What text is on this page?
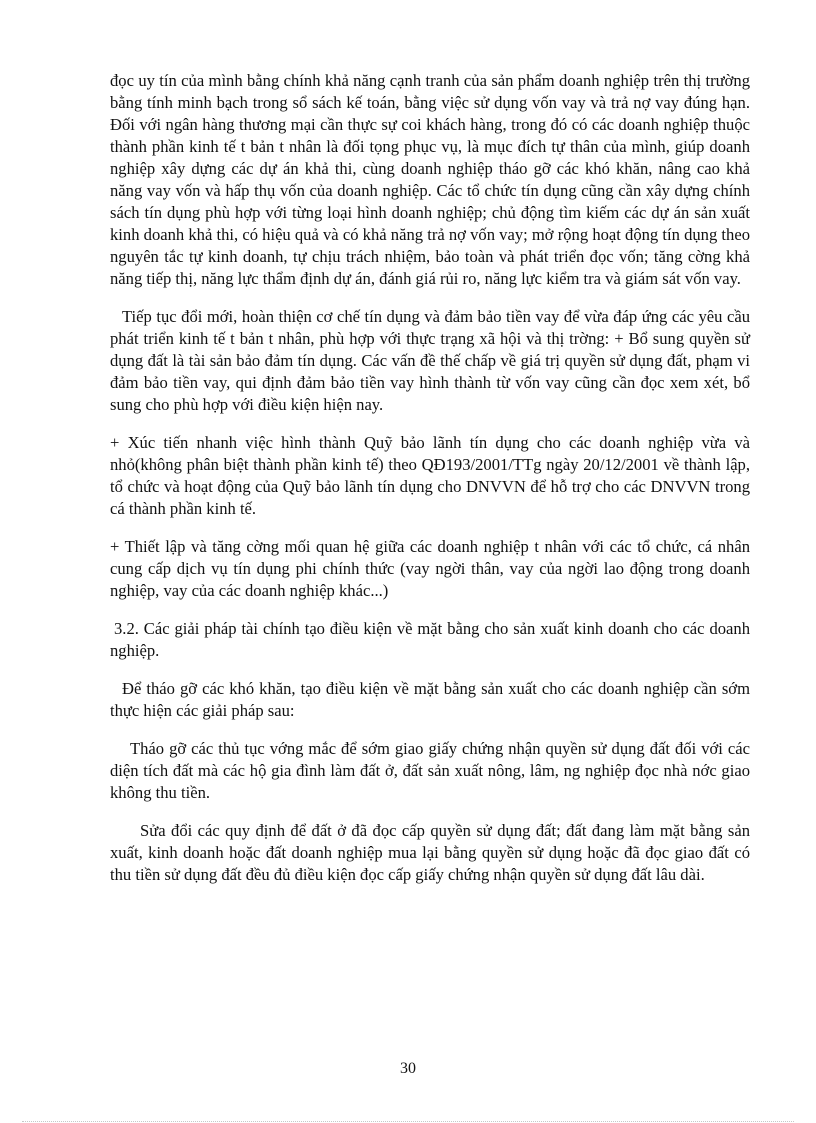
đọc uy tín của mình bằng chính khả năng cạnh tranh của sản phẩm doanh nghiệp trên thị trường bằng tính minh bạch trong sổ sách kế toán, bằng việc sử dụng vốn vay và trả nợ vay đúng hạn. Đối với ngân hàng thương mại cần thực sự coi khách hàng, trong đó có các doanh nghiệp thuộc thành phần kinh tế t bản t nhân là đối tọng phục vụ, là mục đích tự thân của mình, giúp doanh nghiệp xây dựng các dự án khả thi, cùng doanh nghiệp tháo gỡ các khó khăn, nâng cao khả năng vay vốn và hấp thụ vốn của doanh nghiệp. Các tổ chức tín dụng cũng cần xây dựng chính sách tín dụng phù hợp với từng loại hình doanh nghiệp; chủ động tìm kiếm các dự án sản xuất kinh doanh khả thi, có hiệu quả và có khả năng trả nợ vốn vay; mở rộng hoạt động tín dụng theo nguyên tắc tự kinh doanh, tự chịu trách nhiệm, bảo toàn và phát triển đọc vốn; tăng cờng khả năng tiếp thị, năng lực thẩm định dự án, đánh giá rủi ro, năng lực kiểm tra và giám sát vốn vay.

Tiếp tục đổi mới, hoàn thiện cơ chế tín dụng và đảm bảo tiền vay để vừa đáp ứng các yêu cầu phát triển kinh tế t bản t nhân, phù hợp với thực trạng xã hội và thị trờng: + Bổ sung quyền sử dụng đất là tài sản bảo đảm tín dụng. Các vấn đề thế chấp về giá trị quyền sử dụng đất, phạm vi đảm bảo tiền vay, qui định đảm bảo tiền vay hình thành từ vốn vay cũng cần đọc xem xét, bổ sung cho phù hợp với điều kiện hiện nay.

+ Xúc tiến nhanh việc hình thành Quỹ bảo lãnh tín dụng cho các doanh nghiệp vừa và nhỏ(không phân biệt thành phần kinh tế) theo QĐ193/2001/TTg ngày 20/12/2001 về thành lập, tổ chức và hoạt động của Quỹ bảo lãnh tín dụng cho DNVVN để hỗ trợ cho các DNVVN trong cá thành phần kinh tế.

+ Thiết lập và tăng cờng mối quan hệ giữa các doanh nghiệp t nhân với các tổ chức, cá nhân cung cấp dịch vụ tín dụng phi chính thức (vay ngời thân, vay của ngời lao động trong doanh nghiệp, vay của các doanh nghiệp khác...)

3.2. Các giải pháp tài chính tạo điều kiện về mặt bằng cho sản xuất kinh doanh cho các doanh nghiệp.

Để tháo gỡ các khó khăn, tạo điều kiện về mặt bằng sản xuất cho các doanh nghiệp cần sớm thực hiện các giải pháp sau:

Tháo gỡ các thủ tục vớng mắc để sớm giao giấy chứng nhận quyền sử dụng đất đối với các diện tích đất mà các hộ gia đình làm đất ở, đất sản xuất nông, lâm, ng nghiệp đọc nhà nớc giao không thu tiền.

Sửa đổi các quy định để đất ở đã đọc cấp quyền sử dụng đất; đất đang làm mặt bằng sản xuất, kinh doanh hoặc đất doanh nghiệp mua lại bằng quyền sử dụng hoặc đã đọc giao đất có thu tiền sử dụng đất đều đủ điều kiện đọc cấp giấy chứng nhận quyền sử dụng đất lâu dài.

30
